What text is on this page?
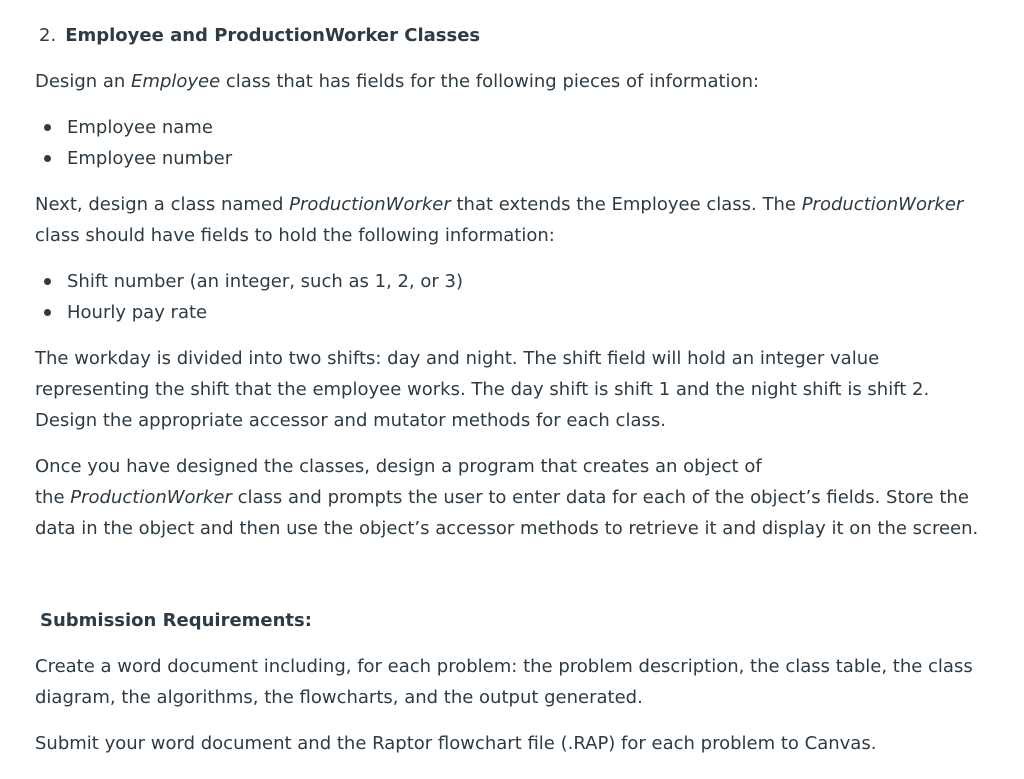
2. Employee and ProductionWorker Classes

Design an Employee class that has fields for the following pieces of information:

Employee name
Employee number

Next, design a class named ProductionWorker that extends the Employee class. The ProductionWorker class should have fields to hold the following information:

Shift number (an integer, such as 1, 2, or 3)
Hourly pay rate

The workday is divided into two shifts: day and night. The shift field will hold an integer value representing the shift that the employee works. The day shift is shift 1 and the night shift is shift 2. Design the appropriate accessor and mutator methods for each class.

Once you have designed the classes, design a program that creates an object of
the ProductionWorker class and prompts the user to enter data for each of the object’s fields. Store the data in the object and then use the object’s accessor methods to retrieve it and display it on the screen.

Submission Requirements:

Create a word document including, for each problem: the problem description, the class table, the class diagram, the algorithms, the flowcharts, and the output generated.

Submit your word document and the Raptor flowchart file (.RAP) for each problem to Canvas.
